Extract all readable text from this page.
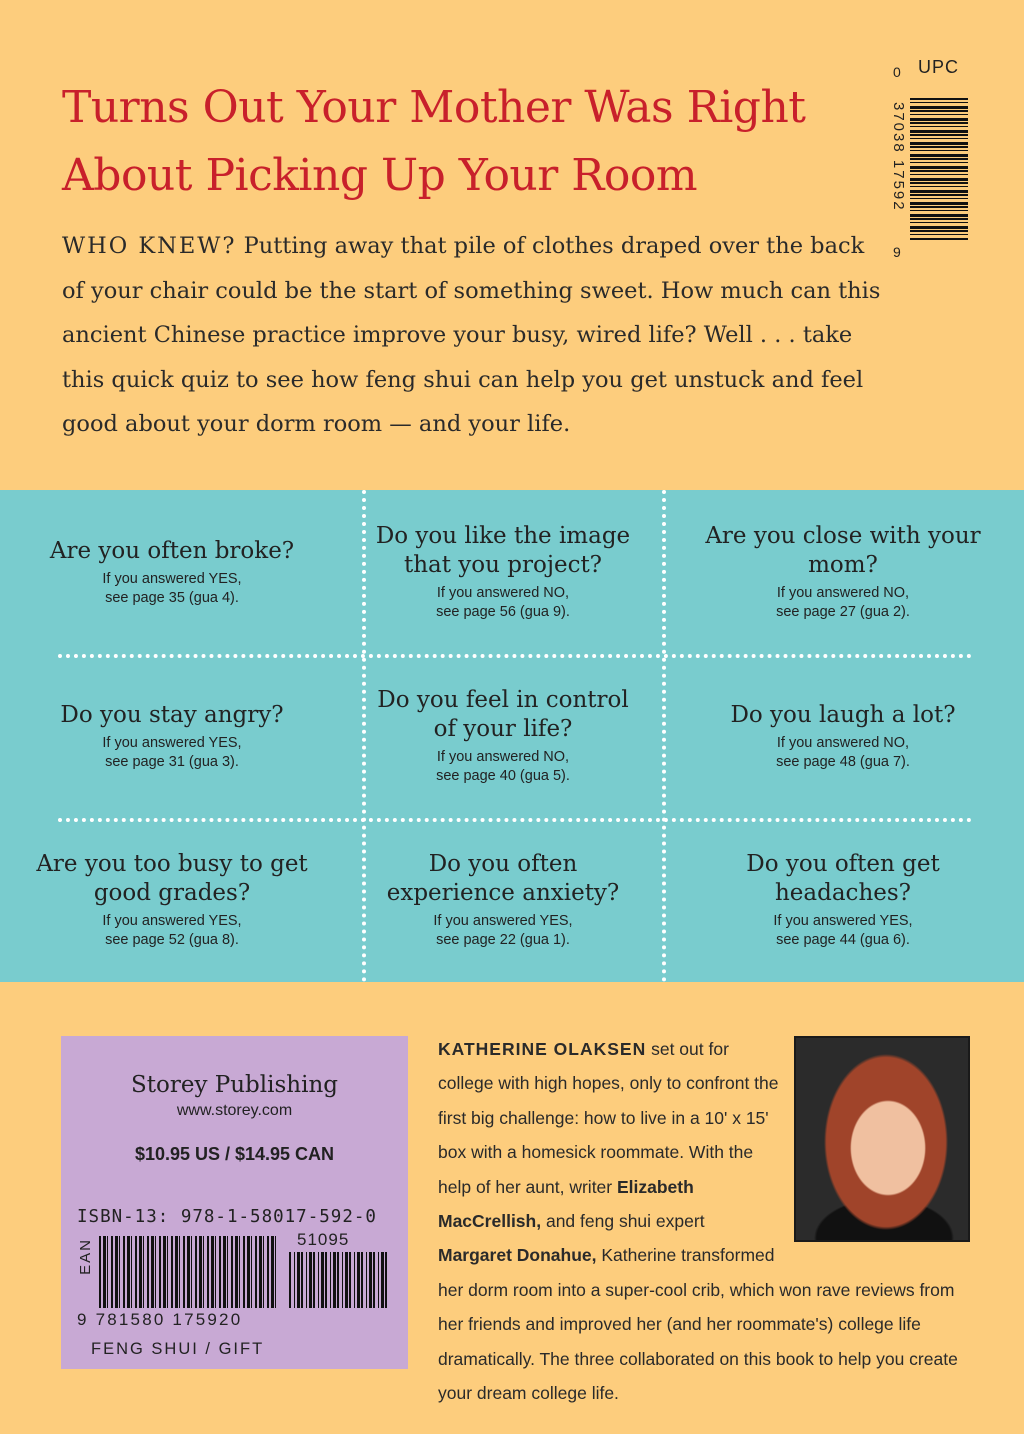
Turns Out Your Mother Was Right
About Picking Up Your Room
UPC
0
37038 17592
9

WHO KNEW? Putting away that pile of clothes draped over the back of your chair could be the start of something sweet. How much can this ancient Chinese practice improve your busy, wired life? Well . . . take this quick quiz to see how feng shui can help you get unstuck and feel good about your dorm room — and your life.

Are you often broke?

If you answered YES,

see page 35 (gua 4).

Do you like the image that you project?

If you answered NO,

see page 56 (gua 9).

Are you close with your mom?

If you answered NO,

see page 27 (gua 2).

Do you stay angry?

If you answered YES,

see page 31 (gua 3).

Do you feel in control of your life?

If you answered NO,

see page 40 (gua 5).

Do you laugh a lot?

If you answered NO,

see page 48 (gua 7).

Are you too busy to get good grades?

If you answered YES,

see page 52 (gua 8).

Do you often experience anxiety?

If you answered YES,

see page 22 (gua 1).

Do you often get headaches?

If you answered YES,

see page 44 (gua 6).

Storey Publishing
www.storey.com
$10.95 US / $14.95 CAN
ISBN-13: 978-1-58017-592-0
EAN	51095
9 781580 175920
FENG SHUI / GIFT

KATHERINE OLAKSEN set out for college with high hopes, only to confront the first big challenge: how to live in a 10' x 15' box with a homesick roommate. With the help of her aunt, writer Elizabeth MacCrellish, and feng shui expert Margaret Donahue, Katherine transformed her dorm room into a super-cool crib, which won rave reviews from her friends and improved her (and her roommate's) college life dramatically. The three collaborated on this book to help you create your dream college life.
